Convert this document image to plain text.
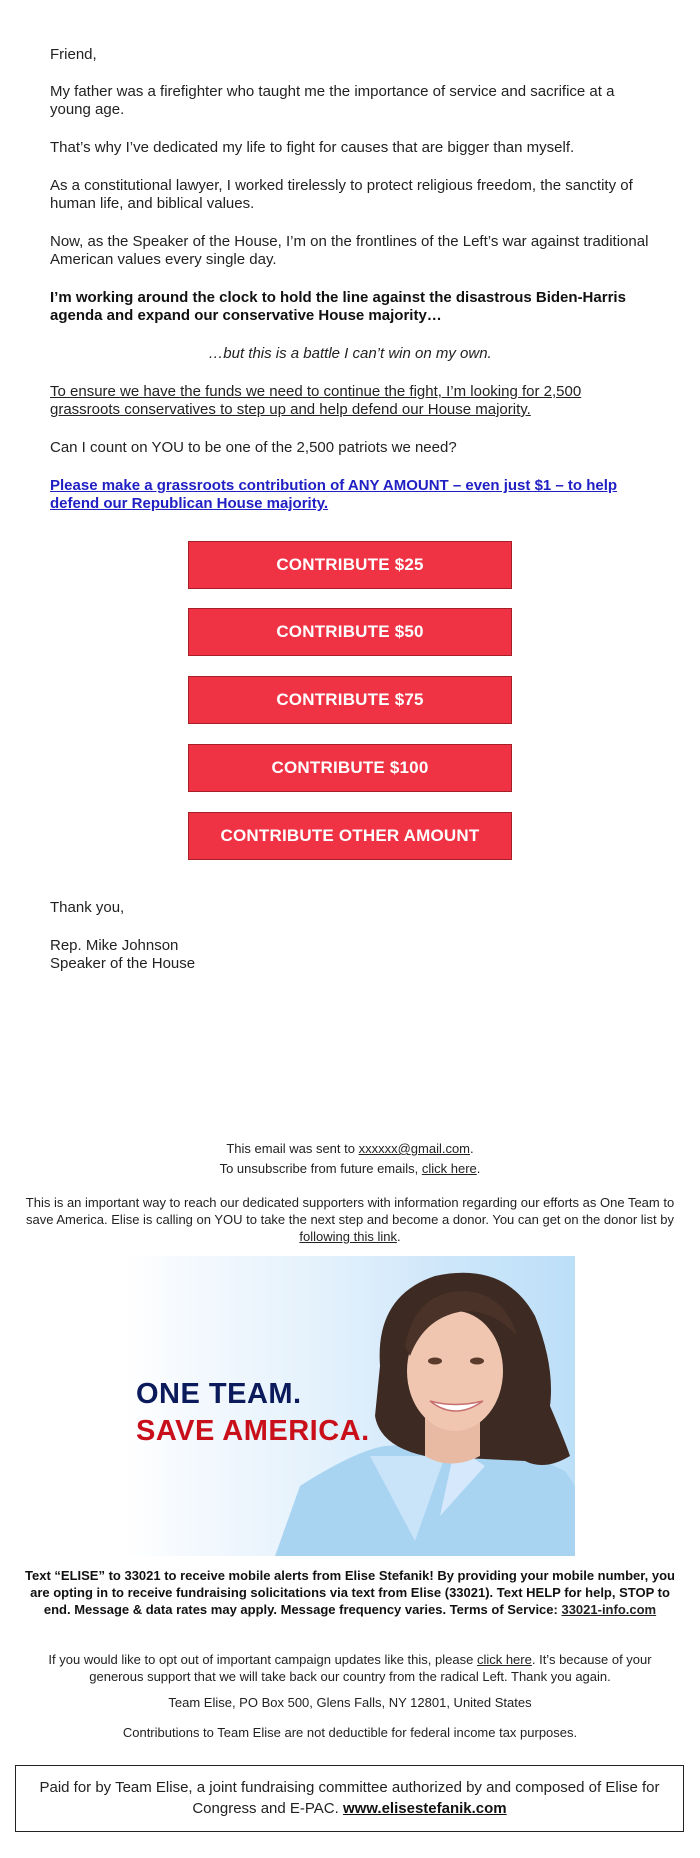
Friend,

My father was a firefighter who taught me the importance of service and sacrifice at a young age.

That’s why I’ve dedicated my life to fight for causes that are bigger than myself.

As a constitutional lawyer, I worked tirelessly to protect religious freedom, the sanctity of human life, and biblical values.

Now, as the Speaker of the House, I’m on the frontlines of the Left’s war against traditional American values every single day.

I’m working around the clock to hold the line against the disastrous Biden-Harris agenda and expand our conservative House majority…

…but this is a battle I can’t win on my own.

To ensure we have the funds we need to continue the fight, I’m looking for 2,500 grassroots conservatives to step up and help defend our House majority.

Can I count on YOU to be one of the 2,500 patriots we need?

Please make a grassroots contribution of ANY AMOUNT – even just $1 – to help defend our Republican House majority.

CONTRIBUTE $25
CONTRIBUTE $50
CONTRIBUTE $75
CONTRIBUTE $100
CONTRIBUTE OTHER AMOUNT

Thank you,

Rep. Mike Johnson

Speaker of the House

This email was sent to xxxxxx@gmail.com.

To unsubscribe from future emails, click here.

This is an important way to reach our dedicated supporters with information regarding our efforts as One Team to save America. Elise is calling on YOU to take the next step and become a donor. You can get on the donor list by following this link.

ONE TEAM.
SAVE AMERICA.

Text “ELISE” to 33021 to receive mobile alerts from Elise Stefanik! By providing your mobile number, you are opting in to receive fundraising solicitations via text from Elise (33021). Text HELP for help, STOP to end. Message & data rates may apply. Message frequency varies. Terms of Service: 33021-info.com

If you would like to opt out of important campaign updates like this, please click here. It’s because of your generous support that we will take back our country from the radical Left. Thank you again.

Team Elise, PO Box 500, Glens Falls, NY 12801, United States

Contributions to Team Elise are not deductible for federal income tax purposes.

Paid for by Team Elise, a joint fundraising committee authorized by and composed of Elise for Congress and E-PAC. www.elisestefanik.com
